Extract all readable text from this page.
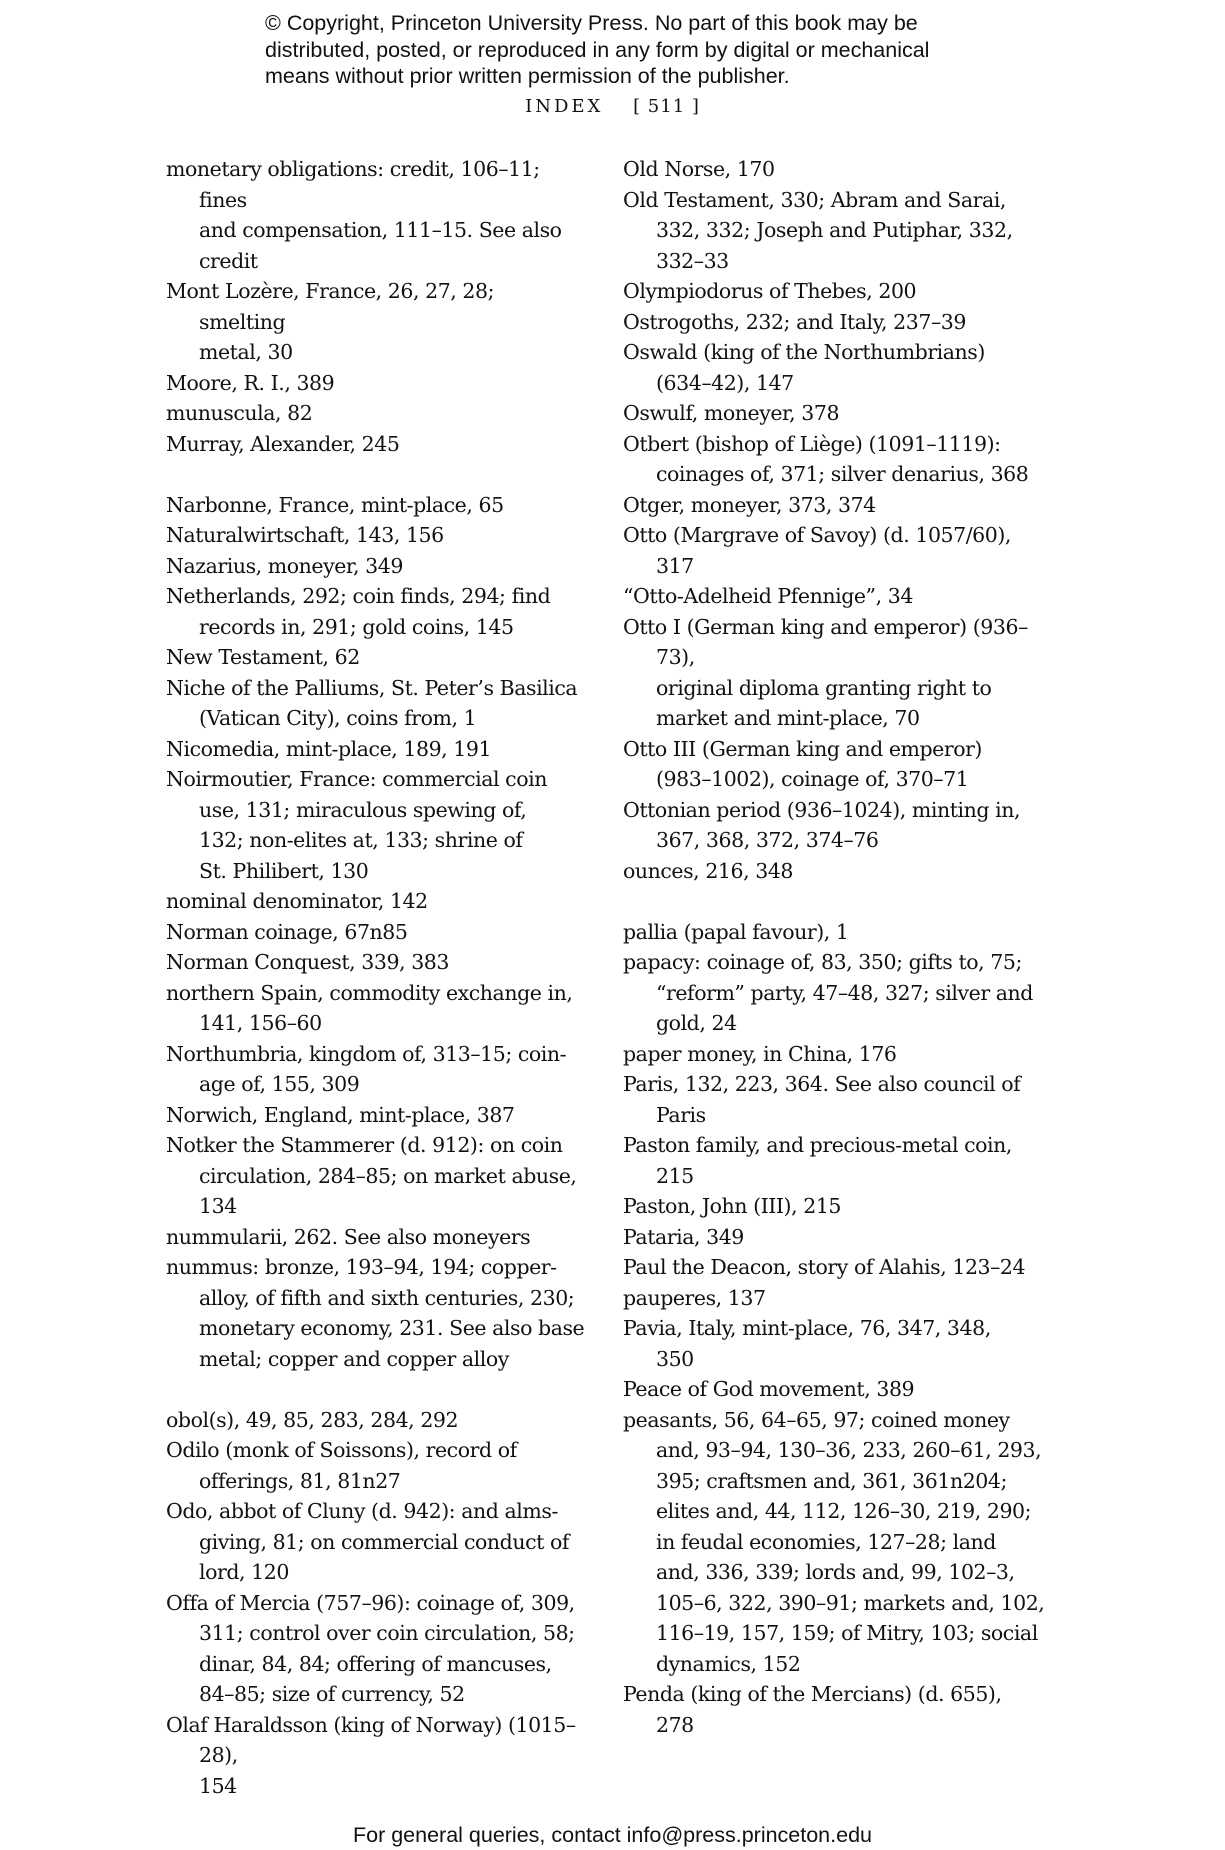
© Copyright, Princeton University Press. No part of this book may be
distributed, posted, or reproduced in any form by digital or mechanical
means without prior written permission of the publisher.
INDEX [ 511 ]
monetary obligations: credit, 106–11; fines
and compensation, 111–15. See also
credit
Mont Lozère, France, 26, 27, 28; smelting
metal, 30
Moore, R. I., 389
munuscula, 82
Murray, Alexander, 245
Narbonne, France, mint-place, 65
Naturalwirtschaft, 143, 156
Nazarius, moneyer, 349
Netherlands, 292; coin finds, 294; find
records in, 291; gold coins, 145
New Testament, 62
Niche of the Palliums, St. Peter’s Basilica
(Vatican City), coins from, 1
Nicomedia, mint-place, 189, 191
Noirmoutier, France: commercial coin
use, 131; miraculous spewing of,
132; non-elites at, 133; shrine of
St. Philibert, 130
nominal denominator, 142
Norman coinage, 67n85
Norman Conquest, 339, 383
northern Spain, commodity exchange in,
141, 156–60
Northumbria, kingdom of, 313–15; coin-
age of, 155, 309
Norwich, England, mint-place, 387
Notker the Stammerer (d. 912): on coin
circulation, 284–85; on market abuse,
134
nummularii, 262. See also moneyers
nummus: bronze, 193–94, 194; copper-
alloy, of fifth and sixth centuries, 230;
monetary economy, 231. See also base
metal; copper and copper alloy
obol(s), 49, 85, 283, 284, 292
Odilo (monk of Soissons), record of
offerings, 81, 81n27
Odo, abbot of Cluny (d. 942): and alms-
giving, 81; on commercial conduct of
lord, 120
Offa of Mercia (757–96): coinage of, 309,
311; control over coin circulation, 58;
dinar, 84, 84; offering of mancuses,
84–85; size of currency, 52
Olaf Haraldsson (king of Norway) (1015–28),
154
Old Norse, 170
Old Testament, 330; Abram and Sarai,
332, 332; Joseph and Putiphar, 332,
332–33
Olympiodorus of Thebes, 200
Ostrogoths, 232; and Italy, 237–39
Oswald (king of the Northumbrians)
(634–42), 147
Oswulf, moneyer, 378
Otbert (bishop of Liège) (1091–1119):
coinages of, 371; silver denarius, 368
Otger, moneyer, 373, 374
Otto (Margrave of Savoy) (d. 1057/60),
317
“Otto-Adelheid Pfennige”, 34
Otto I (German king and emperor) (936–73),
original diploma granting right to
market and mint-place, 70
Otto III (German king and emperor)
(983–1002), coinage of, 370–71
Ottonian period (936–1024), minting in,
367, 368, 372, 374–76
ounces, 216, 348
pallia (papal favour), 1
papacy: coinage of, 83, 350; gifts to, 75;
“reform” party, 47–48, 327; silver and
gold, 24
paper money, in China, 176
Paris, 132, 223, 364. See also council of
Paris
Paston family, and precious-metal coin,
215
Paston, John (III), 215
Pataria, 349
Paul the Deacon, story of Alahis, 123–24
pauperes, 137
Pavia, Italy, mint-place, 76, 347, 348,
350
Peace of God movement, 389
peasants, 56, 64–65, 97; coined money
and, 93–94, 130–36, 233, 260–61, 293,
395; craftsmen and, 361, 361n204;
elites and, 44, 112, 126–30, 219, 290;
in feudal economies, 127–28; land
and, 336, 339; lords and, 99, 102–3,
105–6, 322, 390–91; markets and, 102,
116–19, 157, 159; of Mitry, 103; social
dynamics, 152
Penda (king of the Mercians) (d. 655),
278
For general queries, contact info@press.princeton.edu
